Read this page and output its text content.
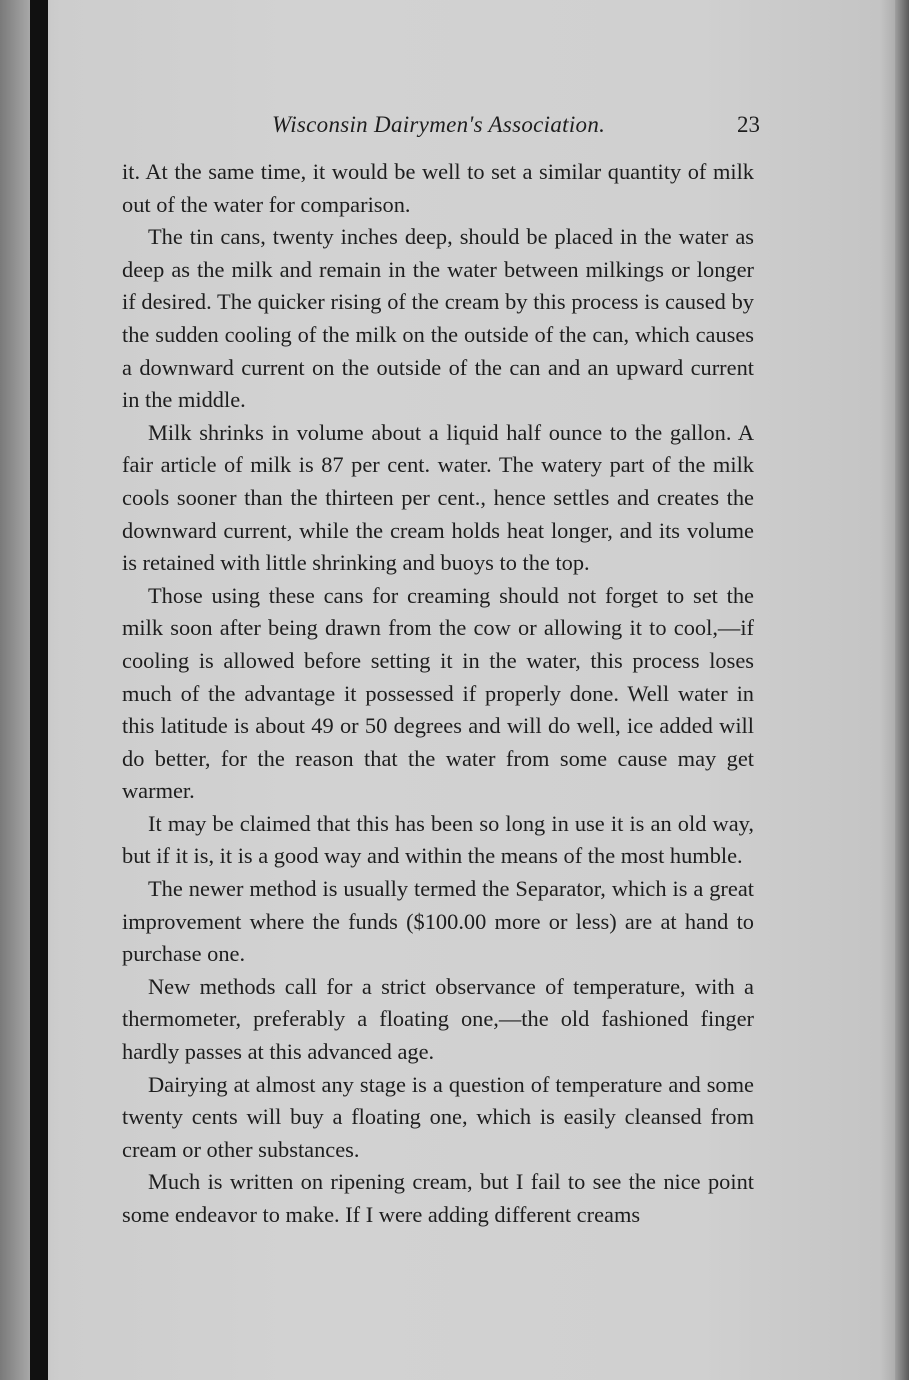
Wisconsin Dairymen's Association.	23

it. At the same time, it would be well to set a similar quantity of milk out of the water for comparison.

The tin cans, twenty inches deep, should be placed in the water as deep as the milk and remain in the water between milkings or longer if desired. The quicker rising of the cream by this process is caused by the sudden cooling of the milk on the outside of the can, which causes a downward current on the outside of the can and an upward current in the middle.

Milk shrinks in volume about a liquid half ounce to the gallon. A fair article of milk is 87 per cent. water. The watery part of the milk cools sooner than the thirteen per cent., hence settles and creates the downward current, while the cream holds heat longer, and its volume is retained with little shrinking and buoys to the top.

Those using these cans for creaming should not forget to set the milk soon after being drawn from the cow or allowing it to cool,—if cooling is allowed before setting it in the water, this process loses much of the advantage it possessed if properly done. Well water in this latitude is about 49 or 50 degrees and will do well, ice added will do better, for the reason that the water from some cause may get warmer.

It may be claimed that this has been so long in use it is an old way, but if it is, it is a good way and within the means of the most humble.

The newer method is usually termed the Separator, which is a great improvement where the funds ($100.00 more or less) are at hand to purchase one.

New methods call for a strict observance of temperature, with a thermometer, preferably a floating one,—the old fashioned finger hardly passes at this advanced age.

Dairying at almost any stage is a question of temperature and some twenty cents will buy a floating one, which is easily cleansed from cream or other substances.

Much is written on ripening cream, but I fail to see the nice point some endeavor to make. If I were adding different creams
